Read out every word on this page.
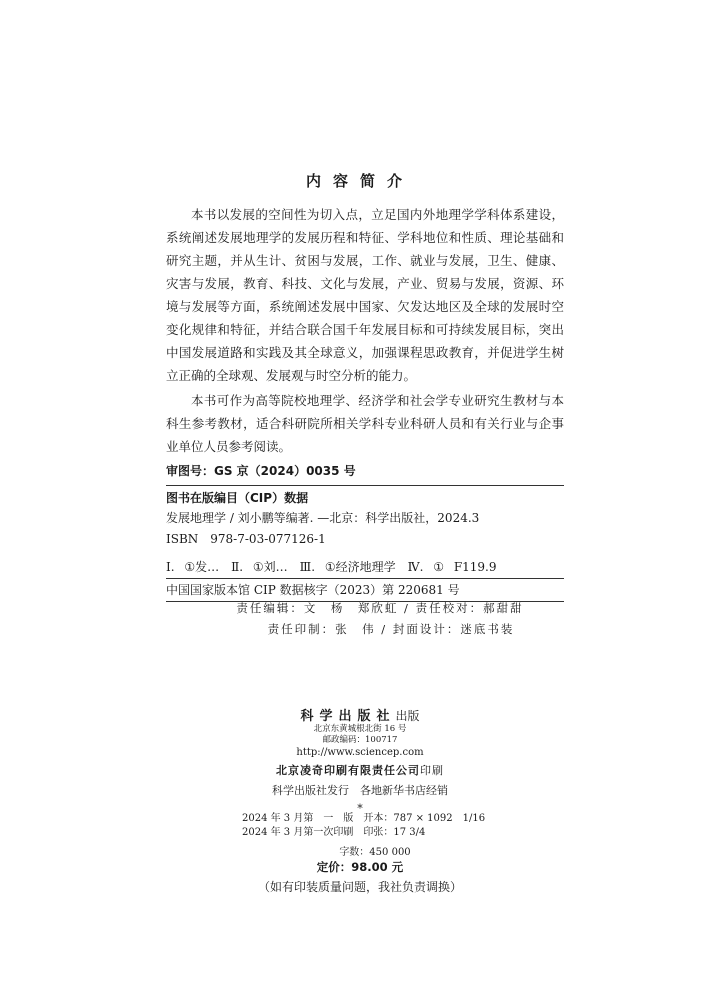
内容简介

本书以发展的空间性为切入点，立足国内外地理学学科体系建设，系统阐述发展地理学的发展历程和特征、学科地位和性质、理论基础和研究主题，并从生计、贫困与发展，工作、就业与发展，卫生、健康、灾害与发展，教育、科技、文化与发展，产业、贸易与发展，资源、环境与发展等方面，系统阐述发展中国家、欠发达地区及全球的发展时空变化规律和特征，并结合联合国千年发展目标和可持续发展目标，突出中国发展道路和实践及其全球意义，加强课程思政教育，并促进学生树立正确的全球观、发展观与时空分析的能力。

本书可作为高等院校地理学、经济学和社会学专业研究生教材与本科生参考教材，适合科研院所相关学科专业科研人员和有关行业与企事业单位人员参考阅读。

审图号：GS 京（2024）0035 号
图书在版编目（CIP）数据
发展地理学 / 刘小鹏等编著. —北京：科学出版社，2024.3
ISBN　978-7-03-077126-1
Ⅰ. ①发…　Ⅱ. ①刘…　Ⅲ. ①经济地理学　Ⅳ. ① F119.9
中国国家版本馆 CIP 数据核字（2023）第 220681 号
责任编辑：文　杨　郑欣虹 / 责任校对：郝甜甜
责任印制：张　伟 / 封面设计：迷底书装
科学出版社出版
北京东黄城根北街 16 号
邮政编码：100717
http://www.sciencep.com
北京凌奇印刷有限责任公司印刷
科学出版社发行　各地新华书店经销
*
2024 年 3 月第　一　版　 开本：787 × 1092　1/16
2024 年 3 月第一次印刷　 印张：17 3/4
字数：450 000
定价：98.00 元
（如有印装质量问题，我社负责调换）
